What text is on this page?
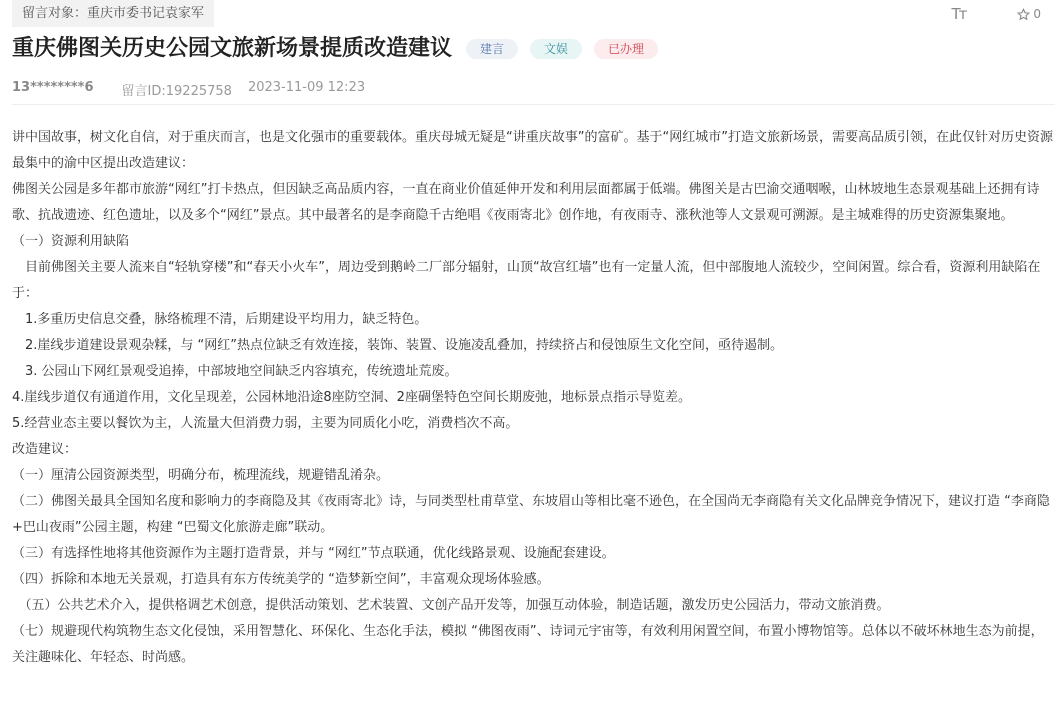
留言对象：重庆市委书记袁家军	Tт	0
重庆佛图关历史公园文旅新场景提质改造建议	建言	文娱	已办理
13********6 留言ID:19225758 2023-11-09 12:23

讲中国故事，树文化自信，对于重庆而言，也是文化强市的重要载体。重庆母城无疑是“讲重庆故事”的富矿。基于“网红城市”打造文旅新场景，需要高品质引领，在此仅针对历史资源最集中的渝中区提出改造建议：

佛图关公园是多年都市旅游“网红”打卡热点，但因缺乏高品质内容，一直在商业价值延伸开发和利用层面都属于低端。佛图关是古巴渝交通咽喉，山林坡地生态景观基础上还拥有诗歌、抗战遗迹、红色遗址，以及多个“网红”景点。其中最著名的是李商隐千古绝唱《夜雨寄北》创作地，有夜雨寺、涨秋池等人文景观可溯源。是主城难得的历史资源集聚地。

（一）资源利用缺陷

　目前佛图关主要人流来自“轻轨穿楼”和“春天小火车”，周边受到鹅岭二厂部分辐射，山顶“故宫红墙”也有一定量人流，但中部腹地人流较少，空间闲置。综合看，资源利用缺陷在于：

　1.多重历史信息交叠，脉络梳理不清，后期建设平均用力，缺乏特色。

　2.崖线步道建设景观杂糅，与 “网红”热点位缺乏有效连接，装饰、装置、设施凌乱叠加，持续挤占和侵蚀原生文化空间，亟待遏制。

　3. 公园山下网红景观受追捧，中部坡地空间缺乏内容填充，传统遗址荒废。

4.崖线步道仅有通道作用，文化呈现差，公园林地沿途8座防空洞、2座碉堡特色空间长期废弛，地标景点指示导览差。

5.经营业态主要以餐饮为主，人流量大但消费力弱，主要为同质化小吃，消费档次不高。

改造建议：

（一）厘清公园资源类型，明确分布，梳理流线，规避错乱淆杂。

（二）佛图关最具全国知名度和影响力的李商隐及其《夜雨寄北》诗，与同类型杜甫草堂、东坡眉山等相比毫不逊色，在全国尚无李商隐有关文化品牌竞争情况下，建议打造 “李商隐+巴山夜雨”公园主题，构建 “巴蜀文化旅游走廊”联动。

（三）有选择性地将其他资源作为主题打造背景，并与 “网红”节点联通，优化线路景观、设施配套建设。

（四）拆除和本地无关景观，打造具有东方传统美学的 “造梦新空间”，丰富观众现场体验感。

　（五）公共艺术介入，提供格调艺术创意，提供活动策划、艺术装置、文创产品开发等，加强互动体验，制造话题，激发历史公园活力，带动文旅消费。

（七）规避现代构筑物生态文化侵蚀，采用智慧化、环保化、生态化手法，模拟 “佛图夜雨”、诗词元宇宙等，有效利用闲置空间，布置小博物馆等。总体以不破坏林地生态为前提，关注趣味化、年轻态、时尚感。
